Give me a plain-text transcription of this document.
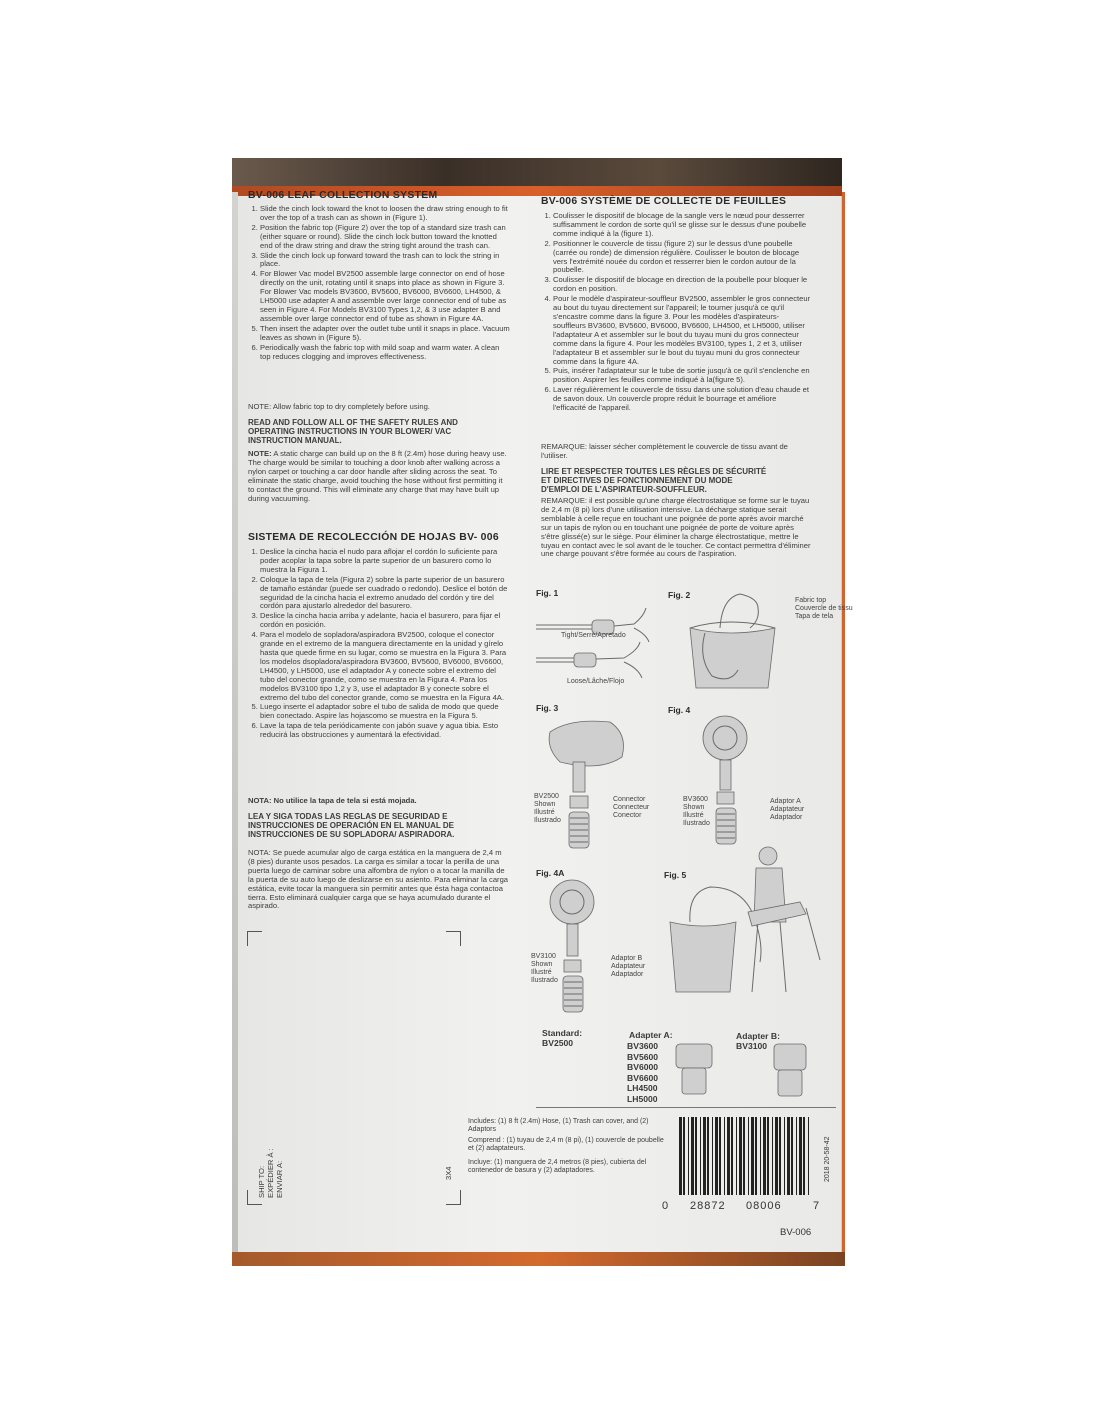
BV-006 LEAF COLLECTION SYSTEM
1. Slide the cinch lock toward the knot to loosen the draw string enough to fit over the top of a trash can as shown in (Figure 1).
2. Position the fabric top (Figure 2) over the top of a standard size trash can (either square or round). Slide the cinch lock button toward the knotted end of the draw string and draw the string tight around the trash can.
3. Slide the cinch lock up forward toward the trash can to lock the string in place.
4. For Blower Vac model BV2500 assemble large connector on end of hose directly on the unit, rotating until it snaps into place as shown in Figure 3. For Blower Vac models BV3600, BV5600, BV6000, BV6600, LH4500, & LH5000 use adapter A and assemble over large connector end of tube as seen in Figure 4. For Models BV3100 Types 1,2, & 3 use adapter B and assemble over large connector end of tube as shown in Figure 4A.
5. Then insert the adapter over the outlet tube until it snaps in place. Vacuum leaves as shown in (Figure 5).
6. Periodically wash the fabric top with mild soap and warm water. A clean top reduces clogging and improves effectiveness.
NOTE: Allow fabric top to dry completely before using.
READ AND FOLLOW ALL OF THE SAFETY RULES AND OPERATING INSTRUCTIONS IN YOUR BLOWER/ VAC INSTRUCTION MANUAL.
NOTE: A static charge can build up on the 8 ft (2.4m) hose during heavy use. The charge would be similar to touching a door knob after walking across a nylon carpet or touching a car door handle after sliding across the seat. To eliminate the static charge, avoid touching the hose without first permitting it to contact the ground. This will eliminate any charge that may have built up during vacuuming.
SISTEMA DE RECOLECCIÓN DE HOJAS BV- 006
1. Deslice la cincha hacia el nudo para aflojar el cordón lo suficiente para poder acoplar la tapa sobre la parte superior de un basurero como lo muestra la Figura 1.
2. Coloque la tapa de tela (Figura 2) sobre la parte superior de un basurero de tamaño estándar (puede ser cuadrado o redondo). Deslice el botón de seguridad de la cincha hacia el extremo anudado del cordón y tire del cordón para ajustarlo alrededor del basurero.
3. Deslice la cincha hacia arriba y adelante, hacia el basurero, para fijar el cordón en posición.
4. Para el modelo de sopladora/aspiradora BV2500, coloque el conector grande en el extremo de la manguera directamente en la unidad y gírelo hasta que quede firme en su lugar, como se muestra en la Figura 3. Para los modelos dsopladora/aspiradora BV3600, BV5600, BV6000, BV6600, LH4500, y LH5000, use el adaptador A y conecte sobre el extremo del tubo del conector grande, como se muestra en la Figura 4. Para los modelos BV3100 tipo 1,2 y 3, use el adaptador B y conecte sobre el extremo del tubo del conector grande, como se muestra en la Figura 4A.
5. Luego inserte el adaptador sobre el tubo de salida de modo que quede bien conectado. Aspire las hojascomo se muestra en la Figura 5.
6. Lave la tapa de tela periódicamente con jabón suave y agua tibia. Esto reducirá las obstrucciones y aumentará la efectividad.
NOTA: No utilice la tapa de tela si está mojada.
LEA Y SIGA TODAS LAS REGLAS DE SEGURIDAD E INSTRUCCIONES DE OPERACIÓN EN EL MANUAL DE INSTRUCCIONES DE SU SOPLADORA/ ASPIRADORA.
NOTA: Se puede acumular algo de carga estática en la manguera de 2,4 m (8 pies) durante usos pesados. La carga es similar a tocar la perilla de una puerta luego de caminar sobre una alfombra de nylon o a tocar la manilla de la puerta de su auto luego de deslizarse en su asiento. Para eliminar la carga estática, evite tocar la manguera sin permitir antes que ésta haga contactoa tierra. Esto eliminará cualquier carga que se haya acumulado durante el aspirado.
SHIP TO: EXPÉDIER À : ENVIAR A:	3X4
BV-006 SYSTÈME DE COLLECTE DE FEUILLES
1. Coulisser le dispositif de blocage de la sangle vers le nœud pour desserrer suffisamment le cordon de sorte qu'il se glisse sur le dessus d'une poubelle comme indiqué à la (figure 1).
2. Positionner le couvercle de tissu (figure 2) sur le dessus d'une poubelle (carrée ou ronde) de dimension régulière. Coulisser le bouton de blocage vers l'extrémité nouée du cordon et resserrer bien le cordon autour de la poubelle.
3. Coulisser le dispositif de blocage en direction de la poubelle pour bloquer le cordon en position.
4. Pour le modèle d'aspirateur-souffleur BV2500, assembler le gros connecteur au bout du tuyau directement sur l'appareil; le tourner jusqu'à ce qu'il s'encastre comme dans la figure 3. Pour les modèles d'aspirateurs-souffleurs BV3600, BV5600, BV6000, BV6600, LH4500, et LH5000, utiliser l'adaptateur A et assembler sur le bout du tuyau muni du gros connecteur comme dans la figure 4. Pour les modèles BV3100, types 1, 2 et 3, utiliser l'adaptateur B et assembler sur le bout du tuyau muni du gros connecteur comme dans la figure 4A.
5. Puis, insérer l'adaptateur sur le tube de sortie jusqu'à ce qu'il s'enclenche en position. Aspirer les feuilles comme indiqué à la(figure 5).
6. Laver régulièrement le couvercle de tissu dans une solution d'eau chaude et de savon doux. Un couvercle propre réduit le bourrage et améliore l'efficacité de l'appareil.
REMARQUE: laisser sécher complètement le couvercle de tissu avant de l'utiliser.
LIRE ET RESPECTER TOUTES LES RÈGLES DE SÉCURITÉ ET DIRECTIVES DE FONCTIONNEMENT DU MODE D'EMPLOI DE L'ASPIRATEUR-SOUFFLEUR.
REMARQUE: il est possible qu'une charge électrostatique se forme sur le tuyau de 2,4 m (8 pi) lors d'une utilisation intensive. La décharge statique serait semblable à celle reçue en touchant une poignée de porte après avoir marché sur un tapis de nylon ou en touchant une poignée de porte de voiture après s'être glissé(e) sur le siège. Pour éliminer la charge électrostatique, mettre le tuyau en contact avec le sol avant de le toucher. Ce contact permettra d'éliminer une charge pouvant s'être formée au cours de l'aspiration.
Fig. 1
Tight/Serré/Apretado
Loose/Lâche/Flojo
Fig. 2
Fabric top
Couvercle de tissu
Tapa de tela
Fig. 3
BV2500
Shown
Illustré
Ilustrado
Connector
Connecteur
Conector
Fig. 4
BV3600
Shown
Illustré
Ilustrado
Adaptor A
Adaptateur
Adaptador
Fig. 4A
BV3100
Shown
Illustré
Ilustrado
Adaptor B
Adaptateur
Adaptador
Fig. 5
Standard:
BV2500
Adapter A:
BV3600
BV5600
BV6000
BV6600
LH4500
LH5000
Adapter B:
BV3100
Includes: (1) 8 ft (2.4m) Hose, (1) Trash can cover, and (2) Adaptors
Comprend : (1) tuyau de 2,4 m (8 pi), (1) couvercle de poubelle et (2) adaptateurs.
Incluye: (1) manguera de 2,4 metros (8 pies), cubierta del contenedor de basura y (2) adaptadores.
0 28872 08006	7
2018 20-58-42
BV-006
